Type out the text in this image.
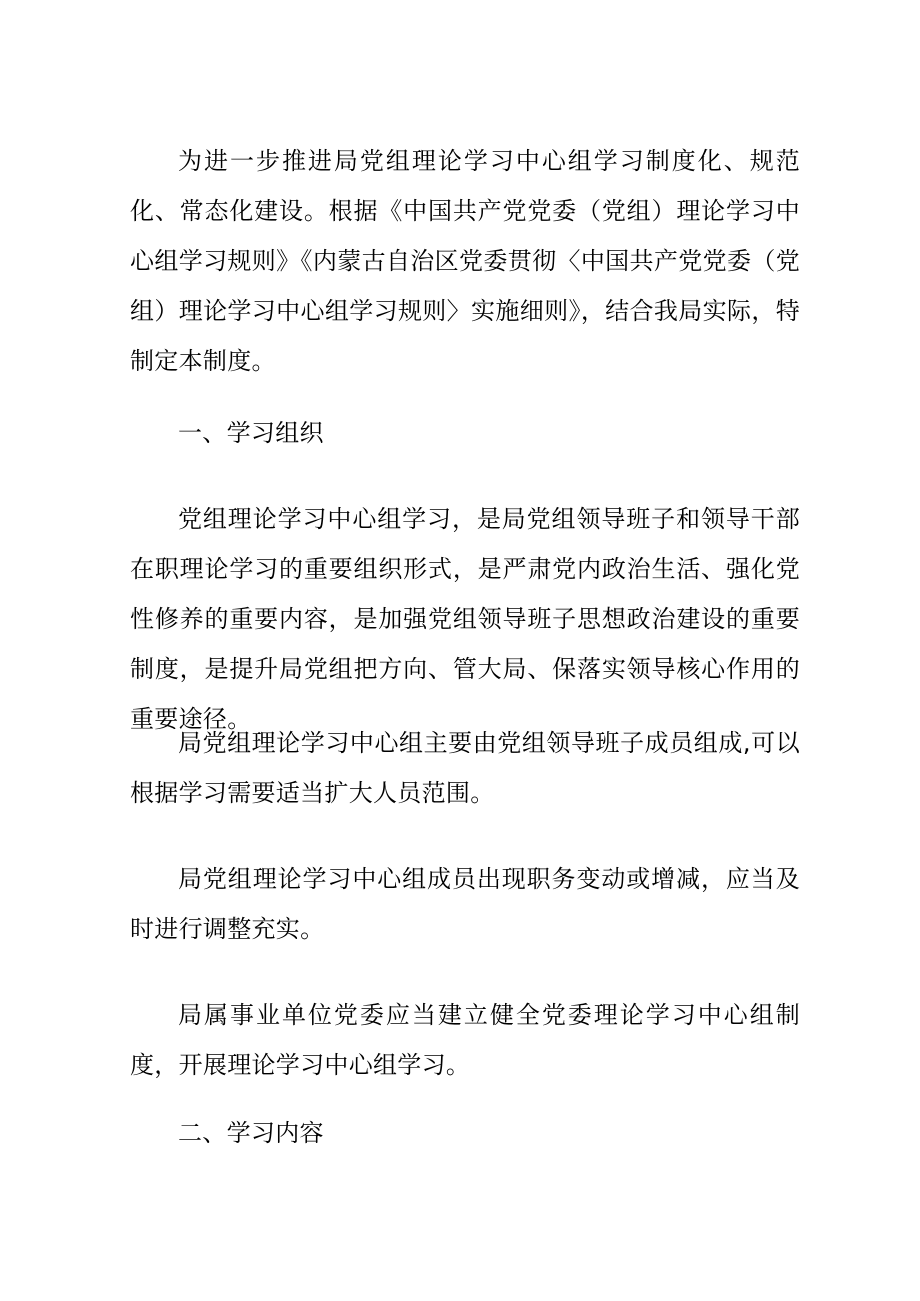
为进一步推进局党组理论学习中心组学习制度化、规范化、常态化建设。根据《中国共产党党委（党组）理论学习中心组学习规则》《内蒙古自治区党委贯彻〈中国共产党党委（党组）理论学习中心组学习规则〉实施细则》，结合我局实际，特制定本制度。

一、学习组织

党组理论学习中心组学习，是局党组领导班子和领导干部在职理论学习的重要组织形式，是严肃党内政治生活、强化党性修养的重要内容，是加强党组领导班子思想政治建设的重要制度，是提升局党组把方向、管大局、保落实领导核心作用的重要途径。

局党组理论学习中心组主要由党组领导班子成员组成,可以根据学习需要适当扩大人员范围。

局党组理论学习中心组成员出现职务变动或增减，应当及时进行调整充实。

局属事业单位党委应当建立健全党委理论学习中心组制度，开展理论学习中心组学习。

二、学习内容
